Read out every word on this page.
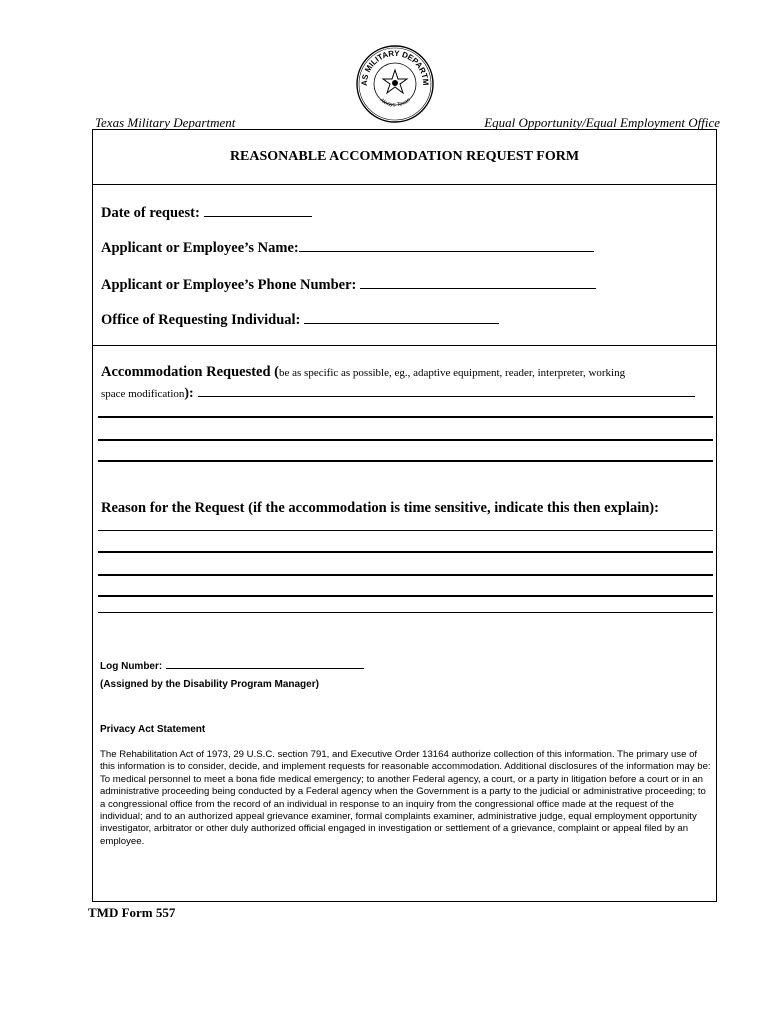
AS MILITARY DEPARTM
Always Texan
Texas Military Department	Equal Opportunity/Equal Employment Office
REASONABLE ACCOMMODATION REQUEST FORM
Date of request:
Applicant or Employee’s Name:
Applicant or Employee’s Phone Number:
Office of Requesting Individual:
Accommodation Requested (be as specific as possible, eg., adaptive equipment, reader, interpreter, working
space modification):
Reason for the Request (if the accommodation is time sensitive, indicate this then explain):
Log Number:
(Assigned by the Disability Program Manager)
Privacy Act Statement
The Rehabilitation Act of 1973, 29 U.S.C. section 791, and Executive Order 13164 authorize collection of this information. The primary use of this information is to consider, decide, and implement requests for reasonable accommodation. Additional disclosures of the information may be: To medical personnel to meet a bona fide medical emergency; to another Federal agency, a court, or a party in litigation before a court or in an administrative proceeding being conducted by a Federal agency when the Government is a party to the judicial or administrative proceeding; to a congressional office from the record of an individual in response to an inquiry from the congressional office made at the request of the individual; and to an authorized appeal grievance examiner, formal complaints examiner, administrative judge, equal employment opportunity investigator, arbitrator or other duly authorized official engaged in investigation or settlement of a grievance, complaint or appeal filed by an employee.
TMD Form 557
